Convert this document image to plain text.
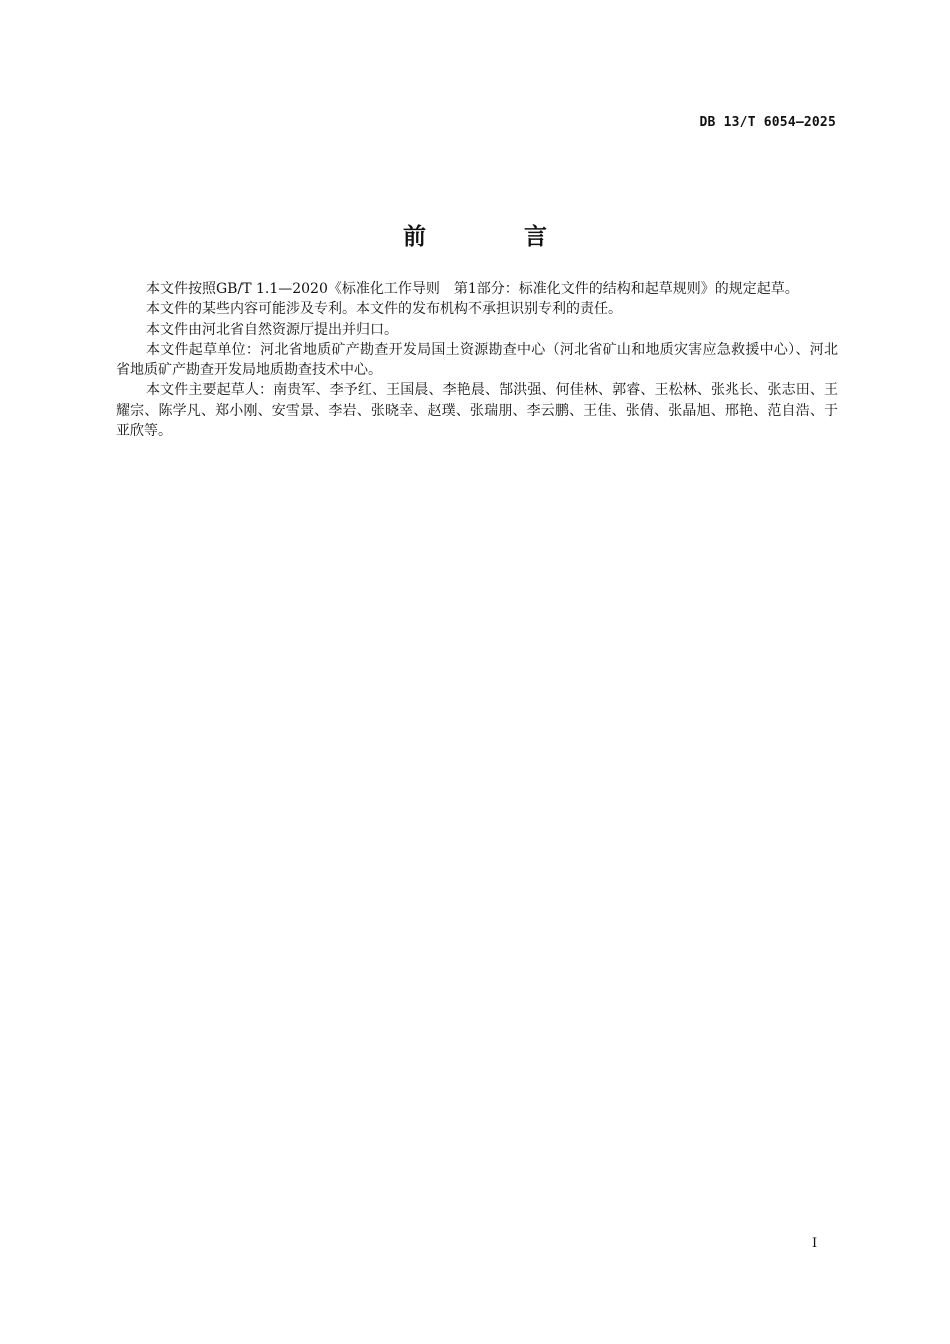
DB 13/T 6054—2025
前 言

本文件按照GB/T 1.1—2020《标准化工作导则　第1部分：标准化文件的结构和起草规则》的规定起草。

本文件的某些内容可能涉及专利。本文件的发布机构不承担识别专利的责任。

本文件由河北省自然资源厅提出并归口。

本文件起草单位：河北省地质矿产勘查开发局国土资源勘查中心（河北省矿山和地质灾害应急救援中心）、河北省地质矿产勘查开发局地质勘查技术中心。

本文件主要起草人：南贵军、李予红、王国晨、李艳晨、郜洪强、何佳林、郭睿、王松林、张兆长、张志田、王耀宗、陈学凡、郑小刚、安雪景、李岩、张晓幸、赵璞、张瑞朋、李云鹏、王佳、张倩、张晶旭、邢艳、范自浩、于亚欣等。

I
